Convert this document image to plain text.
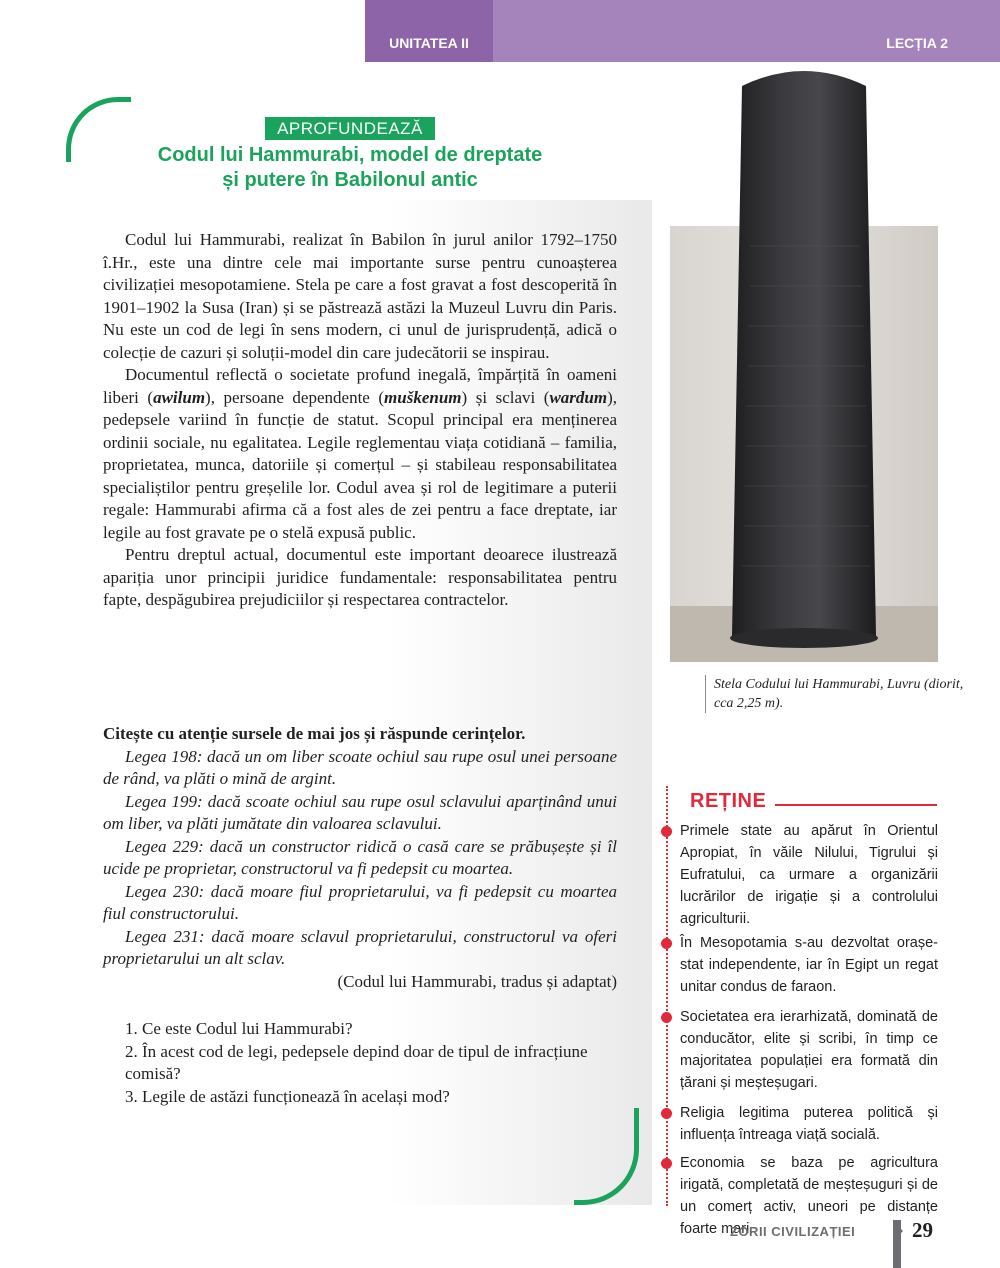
UNITATEA II	LECȚIA 2
APROFUNDEAZĂ
Codul lui Hammurabi, model de dreptate
și putere în Babilonul antic

Codul lui Hammurabi, realizat în Babilon în jurul anilor 1792–1750 î.Hr., este una dintre cele mai importante surse pentru cunoașterea civilizației mesopotamiene. Stela pe care a fost gravat a fost descoperită în 1901–1902 la Susa (Iran) și se păstrează astăzi la Muzeul Luvru din Paris. Nu este un cod de legi în sens modern, ci unul de jurisprudență, adică o colecție de cazuri și soluții-model din care judecătorii se inspirau.

Documentul reflectă o societate profund inegală, împărțită în oameni liberi (awilum), persoane dependente (muškenum) și sclavi (wardum), pedepsele variind în funcție de statut. Scopul principal era menținerea ordinii sociale, nu egalitatea. Legile reglementau viața cotidiană – familia, proprietatea, munca, datoriile și comerțul – și stabileau responsabilitatea specialiștilor pentru greșelile lor. Codul avea și rol de legitimare a puterii regale: Hammurabi afirma că a fost ales de zei pentru a face dreptate, iar legile au fost gravate pe o stelă expusă public.

Pentru dreptul actual, documentul este important deoarece ilustrează apariția unor principii juridice fundamentale: responsabilitatea pentru fapte, despăgubirea prejudiciilor și respectarea contractelor.

Stela Codului lui Hammurabi, Luvru (diorit, cca 2,25 m).

Citește cu atenție sursele de mai jos și răspunde cerințelor.

Legea 198: dacă un om liber scoate ochiul sau rupe osul unei persoane de rând, va plăti o mină de argint.

Legea 199: dacă scoate ochiul sau rupe osul sclavului aparținând unui om liber, va plăti jumătate din valoarea sclavului.

Legea 229: dacă un constructor ridică o casă care se prăbușește și îl ucide pe proprietar, constructorul va fi pedepsit cu moartea.

Legea 230: dacă moare fiul proprietarului, va fi pedepsit cu moartea fiul constructorului.

Legea 231: dacă moare sclavul proprietarului, constructorul va oferi proprietarului un alt sclav.

(Codul lui Hammurabi, tradus și adaptat)

1. Ce este Codul lui Hammurabi?

2. În acest cod de legi, pedepsele depind doar de tipul de infracțiune comisă?

3. Legile de astăzi funcționează în același mod?

REȚINE
Primele state au apărut în Orientul Apropiat, în văile Nilului, Tigrului și Eufratului, ca urmare a organizării lucrărilor de irigație și a controlului agriculturii.
În Mesopotamia s-au dezvoltat orașe-stat independente, iar în Egipt un regat unitar condus de faraon.
Societatea era ierarhizată, dominată de conducător, elite și scribi, în timp ce majoritatea populației era formată din țărani și meșteșugari.
Religia legitima puterea politică și influența întreaga viață socială.
Economia se baza pe agricultura irigată, completată de meșteșuguri și de un comerț activ, uneori pe distanțe foarte mari.
ZORII CIVILIZAȚIEI	29
